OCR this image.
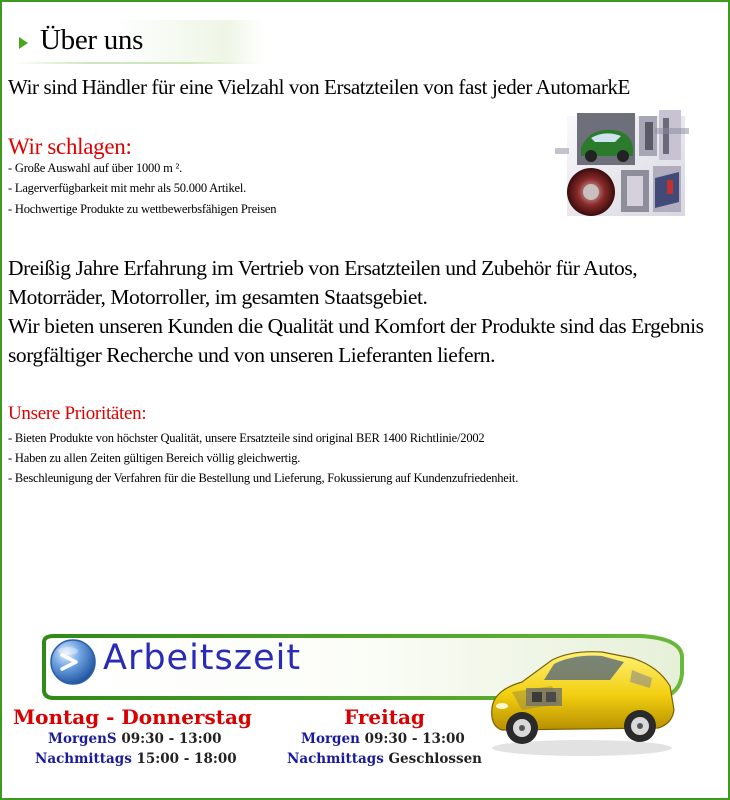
Über uns
Wir sind Händler für eine Vielzahl von Ersatzteilen von fast jeder AutomarkE
Wir schlagen:
- Große Auswahl auf über 1000 m ².
- Lagerverfügbarkeit mit mehr als 50.000 Artikel.
- Hochwertige Produkte zu wettbewerbsfähigen Preisen
Dreißig Jahre Erfahrung im Vertrieb von Ersatzteilen und Zubehör für Autos, Motorräder, Motorroller, im gesamten Staatsgebiet.
Wir bieten unseren Kunden die Qualität und Komfort der Produkte sind das Ergebnis sorgfältiger Recherche und von unseren Lieferanten liefern.
Unsere Prioritäten:
- Bieten Produkte von höchster Qualität, unsere Ersatzteile sind original BER 1400 Richtlinie/2002
- Haben zu allen Zeiten gültigen Bereich völlig gleichwertig.
- Beschleunigung der Verfahren für die Bestellung und Lieferung, Fokussierung auf Kundenzufriedenheit.
Arbeitszeit
Montag - Donnerstag
MorgenS 09:30 - 13:00
Nachmittags 15:00 - 18:00
Freitag
Morgen 09:30 - 13:00
Nachmittags Geschlossen
